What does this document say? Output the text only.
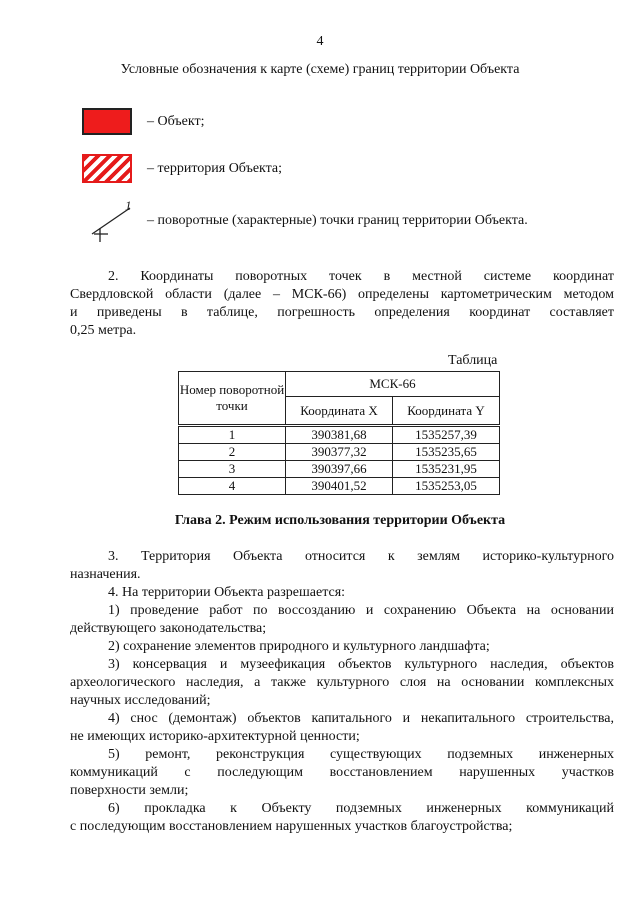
4
Условные обозначения к карте (схеме) границ территории Объекта
– Объект;
– территория Объекта;
1
– поворотные (характерные) точки границ территории Объекта.
2. Координаты поворотных точек в местной системе координат
Свердловской области (далее – МСК-66) определены картометрическим методом
и приведены в таблице, погрешность определения координат составляет
0,25 метра.
Таблица
Номер поворотной точки	МСК-66	
	Координата X	Координата Y
1	390381,68	1535257,39
2	390377,32	1535235,65
3	390397,66	1535231,95
4	390401,52	1535253,05
Глава 2. Режим использования территории Объекта
3. Территория Объекта относится к землям историко-культурного
назначения.
4. На территории Объекта разрешается:
1) проведение работ по воссозданию и сохранению Объекта на основании
действующего законодательства;
2) сохранение элементов природного и культурного ландшафта;
3) консервация и музеефикация объектов культурного наследия, объектов
археологического наследия, а также культурного слоя на основании комплексных
научных исследований;
4) снос (демонтаж) объектов капитального и некапитального строительства,
не имеющих историко-архитектурной ценности;
5) ремонт, реконструкция существующих подземных инженерных
коммуникаций с последующим восстановлением нарушенных участков
поверхности земли;
6) прокладка к Объекту подземных инженерных коммуникаций
с последующим восстановлением нарушенных участков благоустройства;
